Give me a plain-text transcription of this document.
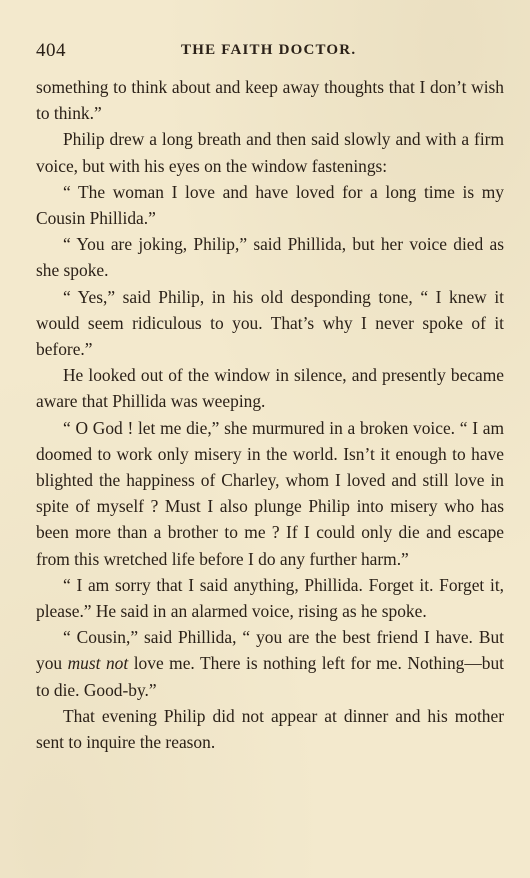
404	THE FAITH DOCTOR.

something to think about and keep away thoughts that I don’t wish to think.”

Philip drew a long breath and then said slowly and with a firm voice, but with his eyes on the window fastenings:

“ The woman I love and have loved for a long time is my Cousin Phillida.”

“ You are joking, Philip,” said Phillida, but her voice died as she spoke.

“ Yes,” said Philip, in his old desponding tone, “ I knew it would seem ridiculous to you. That’s why I never spoke of it before.”

He looked out of the window in silence, and presently became aware that Phillida was weeping.

“ O God ! let me die,” she murmured in a broken voice. “ I am doomed to work only misery in the world. Isn’t it enough to have blighted the happiness of Charley, whom I loved and still love in spite of myself ? Must I also plunge Philip into misery who has been more than a brother to me ? If I could only die and escape from this wretched life before I do any further harm.”

“ I am sorry that I said anything, Phillida. Forget it. Forget it, please.” He said in an alarmed voice, rising as he spoke.

“ Cousin,” said Phillida, “ you are the best friend I have. But you must not love me. There is nothing left for me. Nothing—but to die. Good-by.”

That evening Philip did not appear at dinner and his mother sent to inquire the reason.
